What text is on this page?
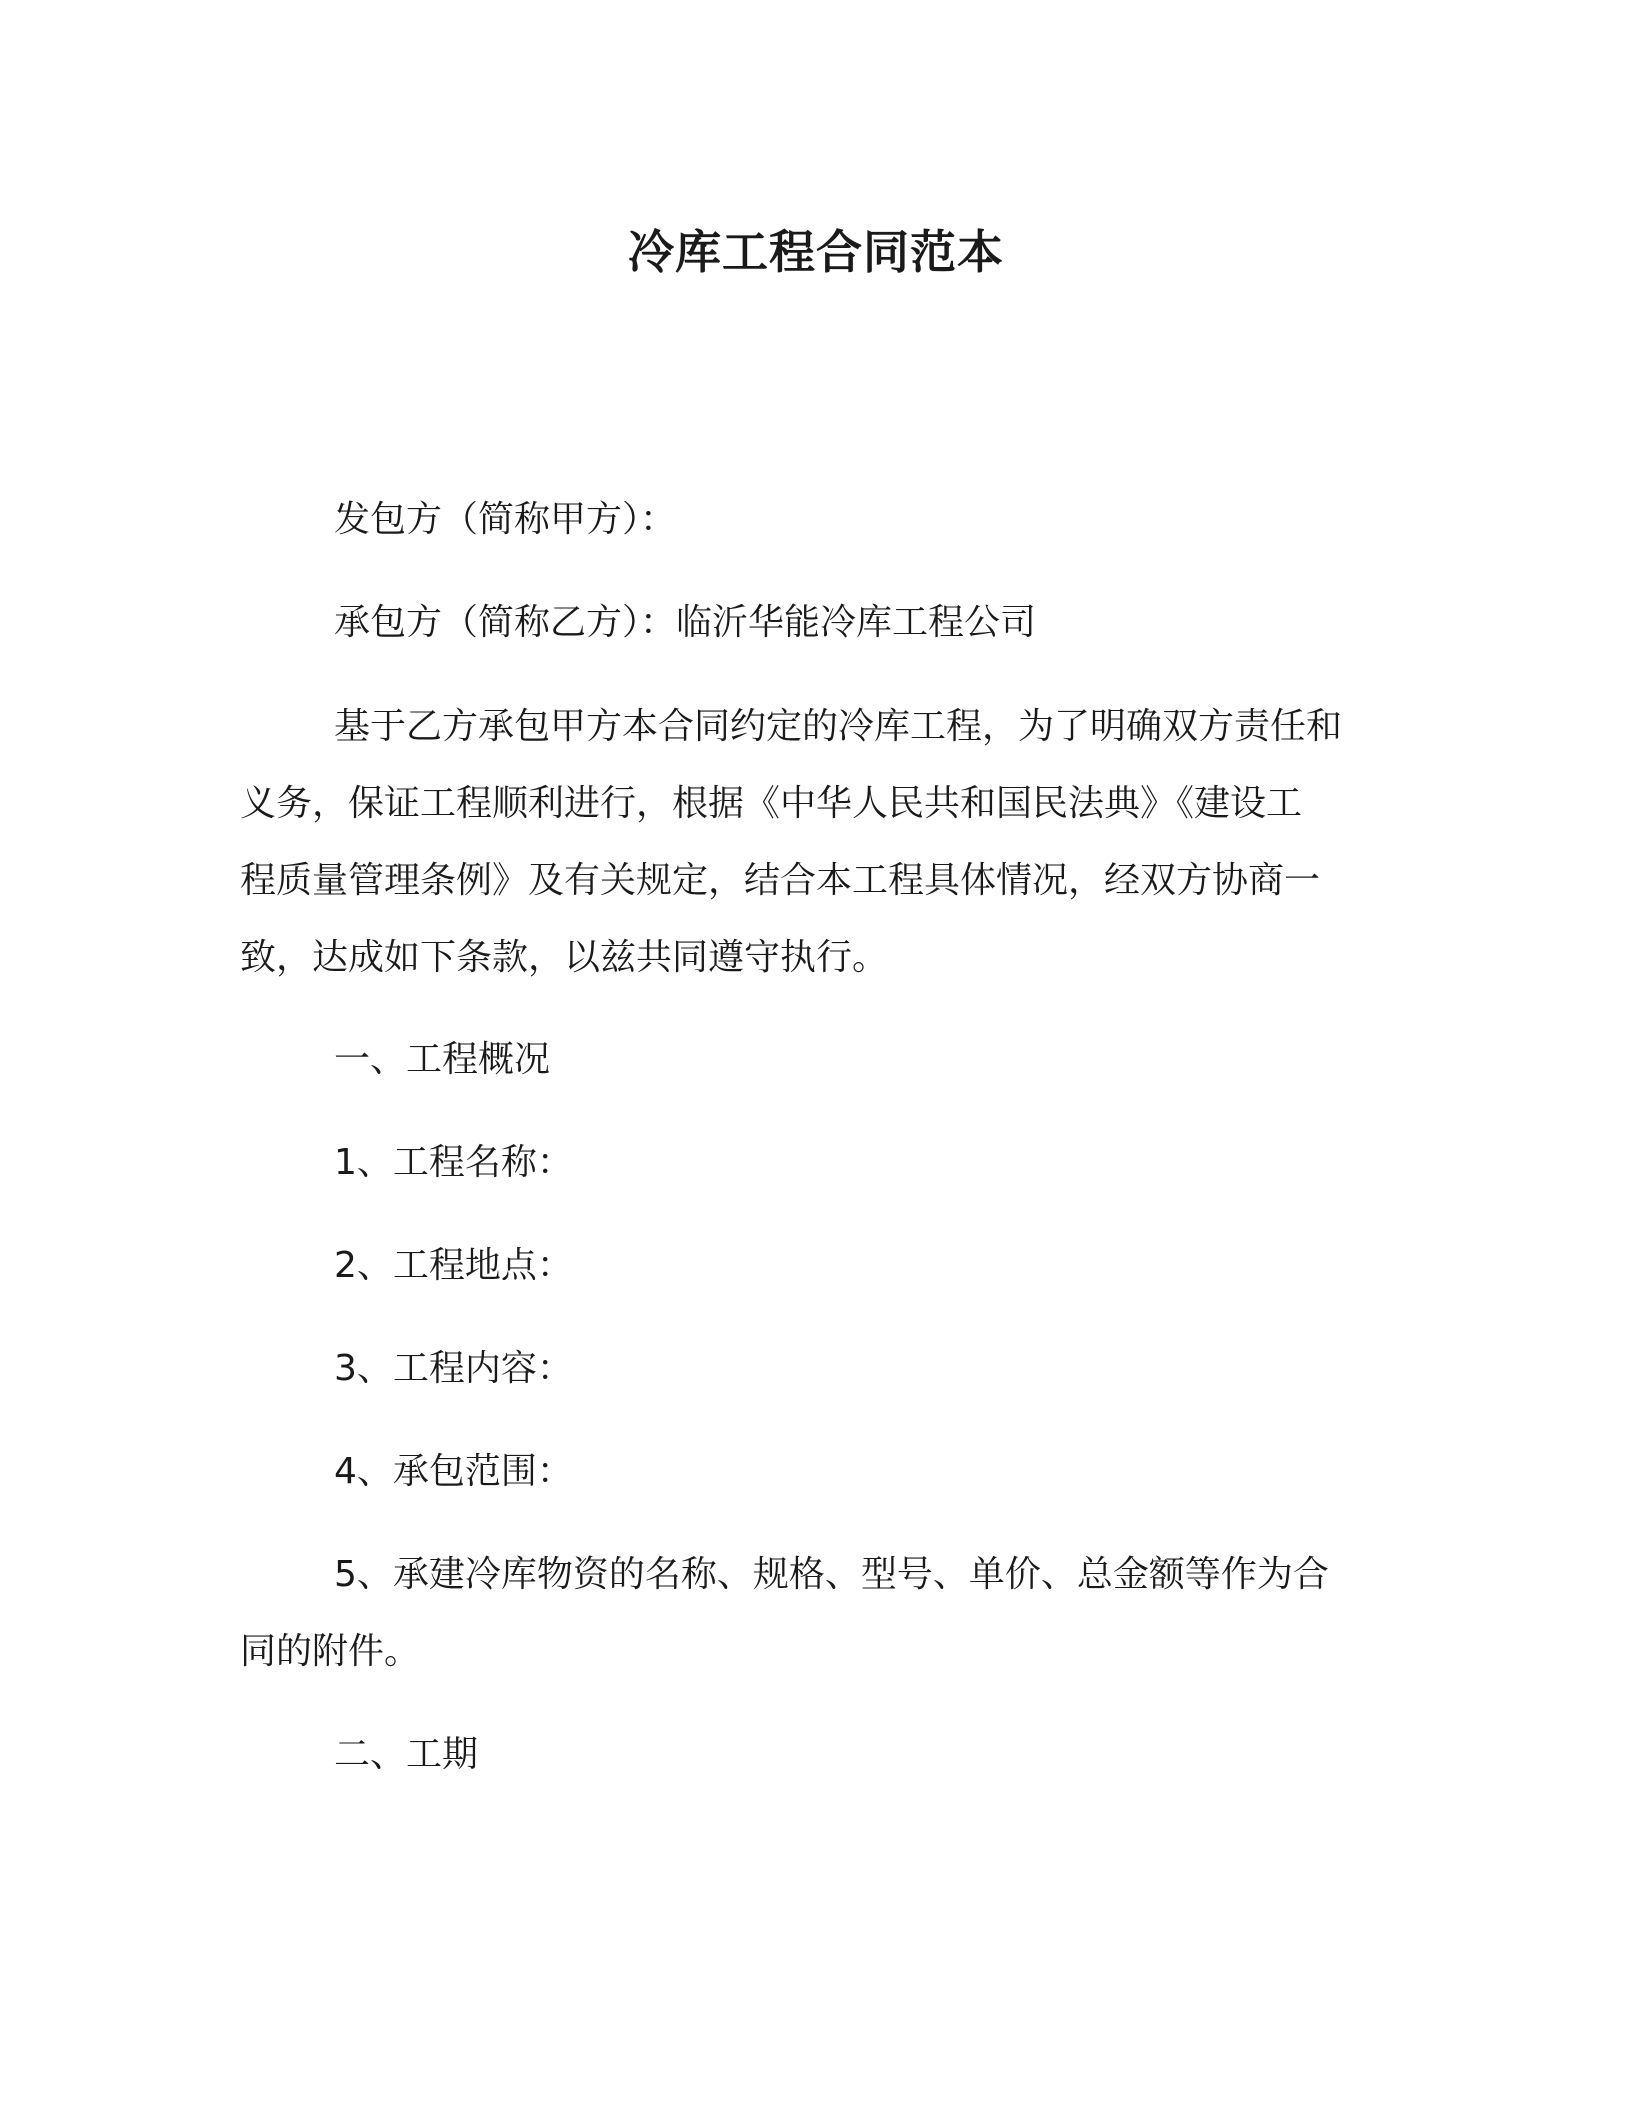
冷库工程合同范本

发包方（简称甲方）：

承包方（简称乙方）：临沂华能冷库工程公司

基于乙方承包甲方本合同约定的冷库工程，为了明确双方责任和

义务，保证工程顺利进行，根据《中华人民共和国民法典》《建设工

程质量管理条例》及有关规定，结合本工程具体情况，经双方协商一

致，达成如下条款，以兹共同遵守执行。

一、工程概况

1、工程名称：

2、工程地点：

3、工程内容：

4、承包范围：

5、承建冷库物资的名称、规格、型号、单价、总金额等作为合

同的附件。

二、工期
